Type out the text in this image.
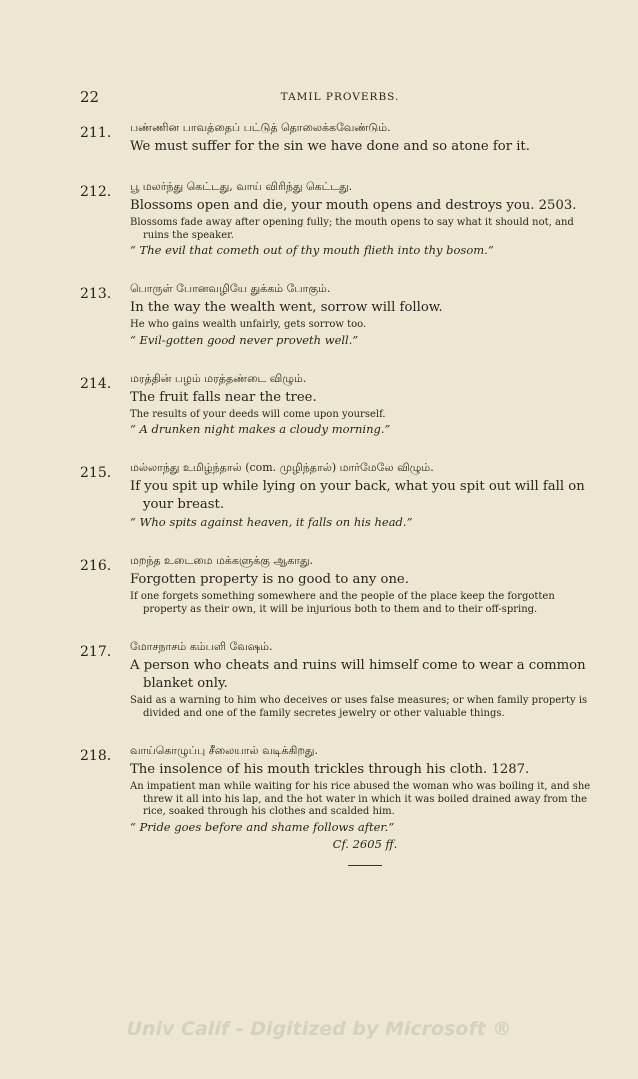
22	TAMIL PROVERBS.
211. பண்ணின பாவத்தைப் பட்டுத் தொலைக்கவேண்டும்.
We must suffer for the sin we have done and so atone for it.
212. பூ மலர்ந்து கெட்டது, வாய் விரிந்து கெட்டது.
Blossoms open and die, your mouth opens and destroys you. 2503.
Blossoms fade away after opening fully; the mouth opens to say what it should not, and ruins the speaker.
“ The evil that cometh out of thy mouth flieth into thy bosom.”
213. பொருள் போனவழியே துக்கம் போகும்.
In the way the wealth went, sorrow will follow.
He who gains wealth unfairly, gets sorrow too.
“ Evil-gotten good never proveth well.”
214. மரத்தின் பழம் மரத்தண்டை விழும்.
The fruit falls near the tree.
The results of your deeds will come upon yourself.
“ A drunken night makes a cloudy morning.”
215. மல்லாந்து உமிழ்ந்தால் (com. முழிந்தால்) மார்மேலே விழும்.
If you spit up while lying on your back, what you spit out will fall on your breast.
“ Who spits against heaven, it falls on his head.”
216. மறந்த உடைமை மக்களுக்கு ஆகாது.
Forgotten property is no good to any one.
If one forgets something somewhere and the people of the place keep the forgotten property as their own, it will be injurious both to them and to their off-spring.
217. மோசநாசம் கம்பளி வேஷம்.
A person who cheats and ruins will himself come to wear a common blanket only.
Said as a warning to him who deceives or uses false measures; or when family property is divided and one of the family secretes jewelry or other valuable things.
218. வாய்கொழுப்பு சீலையால் வடிக்கிறது.
The insolence of his mouth trickles through his cloth. 1287.
An impatient man while waiting for his rice abused the woman who was boiling it, and she threw it all into his lap, and the hot water in which it was boiled drained away from the rice, soaked through his clothes and scalded him.
“ Pride goes before and shame follows after.”
Cf. 2605 ff.
Univ Calif - Digitized by Microsoft ®
